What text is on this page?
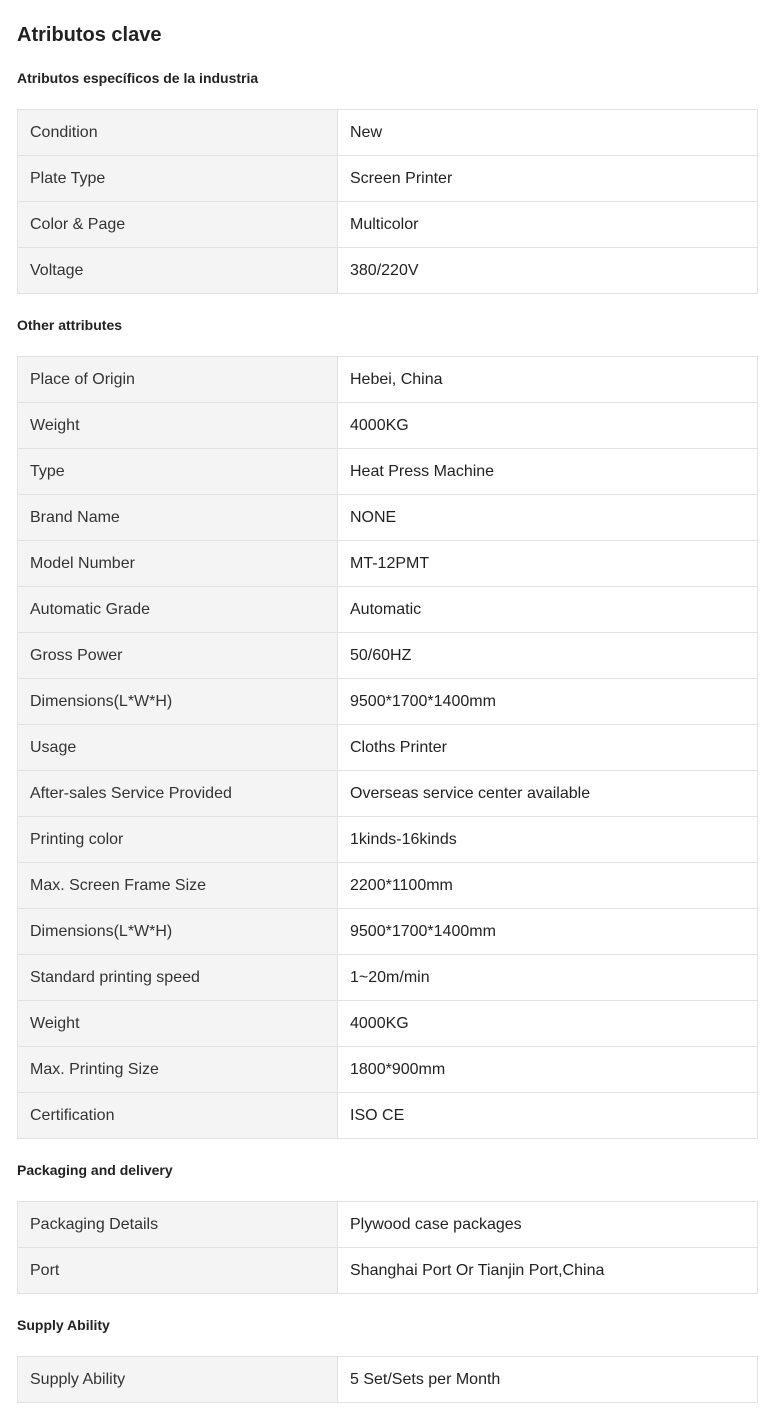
Atributos clave
Atributos específicos de la industria
Condition	New
Plate Type	Screen Printer
Color & Page	Multicolor
Voltage	380/220V
Other attributes
Place of Origin	Hebei, China
Weight	4000KG
Type	Heat Press Machine
Brand Name	NONE
Model Number	MT-12PMT
Automatic Grade	Automatic
Gross Power	50/60HZ
Dimensions(L*W*H)	9500*1700*1400mm
Usage	Cloths Printer
After-sales Service Provided	Overseas service center available
Printing color	1kinds-16kinds
Max. Screen Frame Size	2200*1100mm
Dimensions(L*W*H)	9500*1700*1400mm
Standard printing speed	1~20m/min
Weight	4000KG
Max. Printing Size	1800*900mm
Certification	ISO CE
Packaging and delivery
Packaging Details	Plywood case packages
Port	Shanghai Port Or Tianjin Port,China
Supply Ability
Supply Ability	5 Set/Sets per Month
